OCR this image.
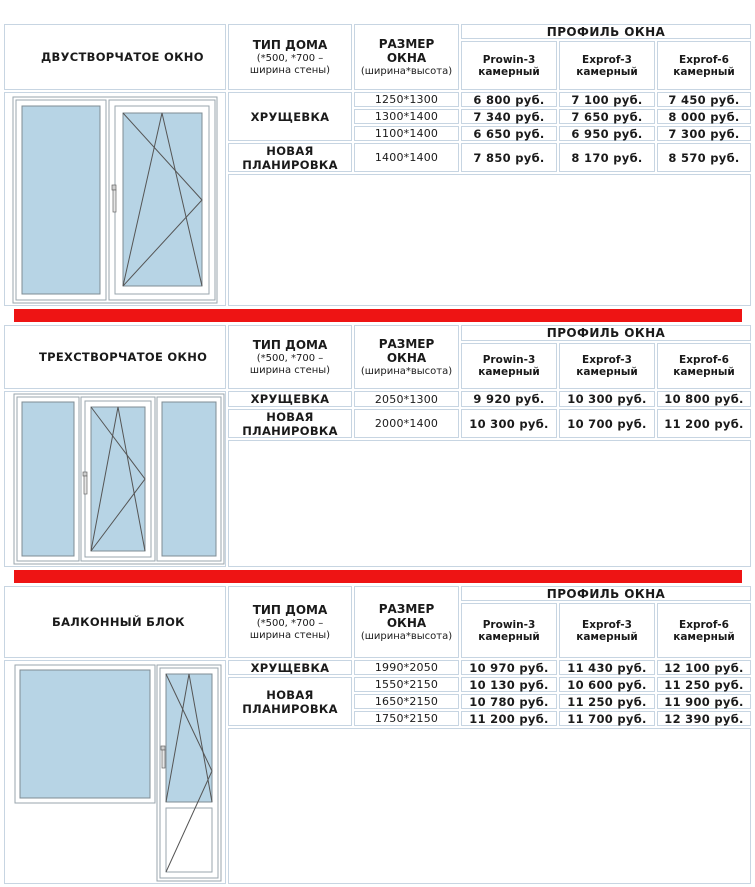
ДВУСТВОРЧАТОЕ ОКНО
ТИП ДОМА
(*500, *700 –
ширина стены)
РАЗМЕР ОКНА
(ширина*высота)
ПРОФИЛЬ ОКНА
Prowin-3
камерный
Exprof-3
камерный
Exprof-6
камерный
ХРУЩЕВКА
1250*1300	6 800 руб. 7 100 руб. 7 450 руб.
1300*1400	7 340 руб. 7 650 руб. 8 000 руб.
1100*1400	6 650 руб. 6 950 руб. 7 300 руб.
НОВАЯ ПЛАНИРОВКА	1400*1400	7 850 руб. 8 170 руб. 8 570 руб.
ТРЕХСТВОРЧАТОЕ ОКНО
ТИП ДОМА
(*500, *700 –
ширина стены)
РАЗМЕР ОКНА
(ширина*высота)
ПРОФИЛЬ ОКНА
Prowin-3
камерный
Exprof-3
камерный
Exprof-6
камерный
ХРУЩЕВКА	2050*1300	9 920 руб. 10 300 руб. 10 800 руб.
НОВАЯ ПЛАНИРОВКА	2000*1400	10 300 руб. 10 700 руб. 11 200 руб.
БАЛКОННЫЙ БЛОК
ТИП ДОМА
(*500, *700 –
ширина стены)
РАЗМЕР ОКНА
(ширина*высота)
ПРОФИЛЬ ОКНА
Prowin-3
камерный
Exprof-3
камерный
Exprof-6
камерный
ХРУЩЕВКА	1990*2050	10 970 руб. 11 430 руб. 12 100 руб.
НОВАЯ ПЛАНИРОВКА
1550*2150	10 130 руб. 10 600 руб. 11 250 руб.
1650*2150	10 780 руб. 11 250 руб. 11 900 руб.
1750*2150	11 200 руб. 11 700 руб. 12 390 руб.
